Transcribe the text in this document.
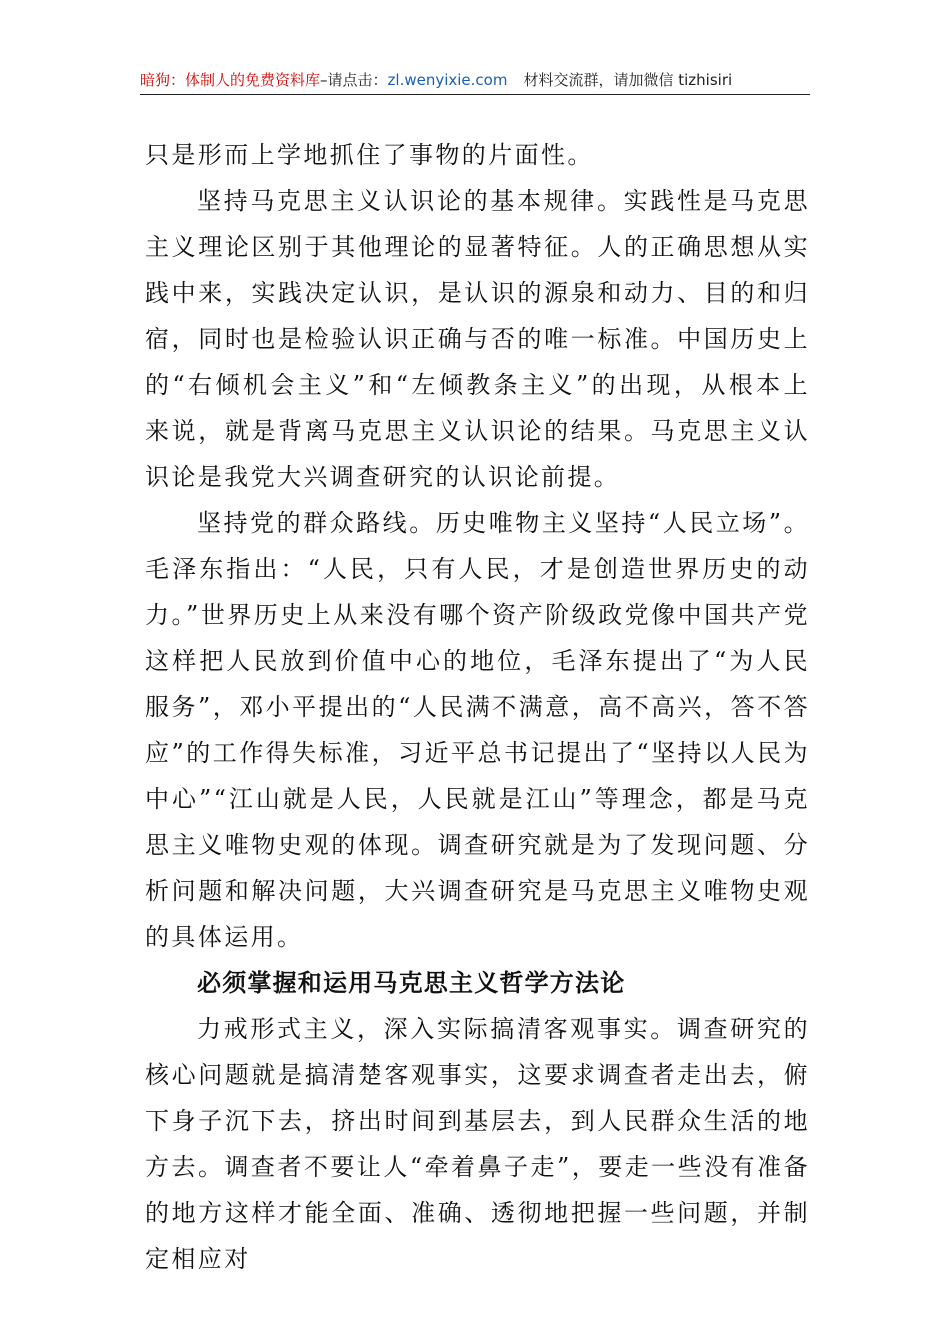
暗狗：体制人的免费资料库–请点击：zl.wenyixie.com 材料交流群，请加微信 tizhisiri

只是形而上学地抓住了事物的片面性。

坚持马克思主义认识论的基本规律。实践性是马克思主义理论区别于其他理论的显著特征。人的正确思想从实践中来，实践决定认识，是认识的源泉和动力、目的和归宿，同时也是检验认识正确与否的唯一标准。中国历史上的“右倾机会主义”和“左倾教条主义”的出现，从根本上来说，就是背离马克思主义认识论的结果。马克思主义认识论是我党大兴调查研究的认识论前提。

坚持党的群众路线。历史唯物主义坚持“人民立场”。毛泽东指出：“人民，只有人民，才是创造世界历史的动力。”世界历史上从来没有哪个资产阶级政党像中国共产党这样把人民放到价值中心的地位，毛泽东提出了“为人民服务”，邓小平提出的“人民满不满意，高不高兴，答不答应”的工作得失标准，习近平总书记提出了“坚持以人民为中心”“江山就是人民，人民就是江山”等理念，都是马克思主义唯物史观的体现。调查研究就是为了发现问题、分析问题和解决问题，大兴调查研究是马克思主义唯物史观的具体运用。

必须掌握和运用马克思主义哲学方法论

力戒形式主义，深入实际搞清客观事实。调查研究的核心问题就是搞清楚客观事实，这要求调查者走出去，俯下身子沉下去，挤出时间到基层去，到人民群众生活的地方去。调查者不要让人“牵着鼻子走”，要走一些没有准备的地方这样才能全面、准确、透彻地把握一些问题，并制定相应对
